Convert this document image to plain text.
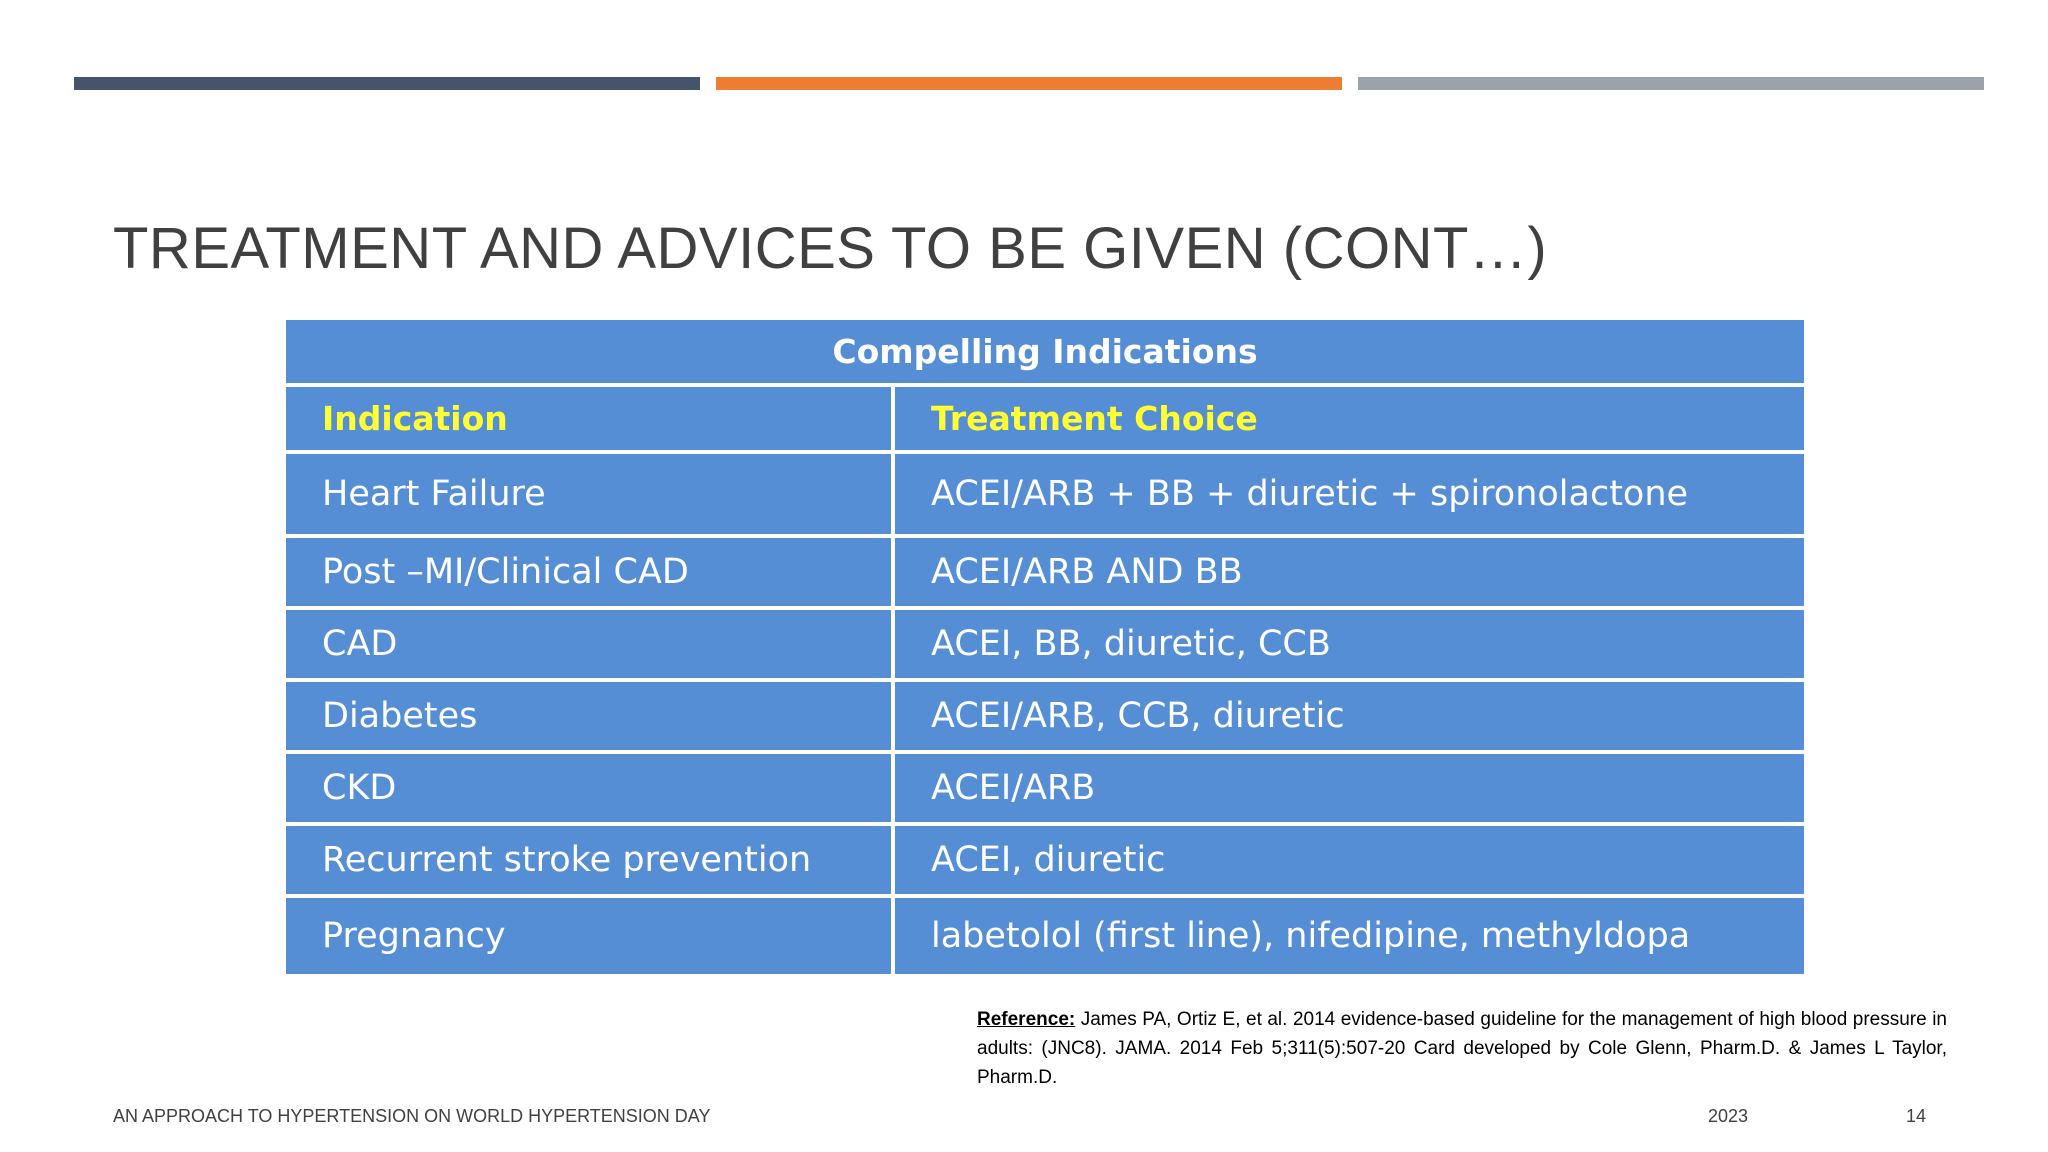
TREATMENT AND ADVICES TO BE GIVEN (CONT…)
Compelling Indications
Indication	Treatment Choice
Heart Failure	ACEI/ARB + BB + diuretic + spironolactone
Post –MI/Clinical CAD	ACEI/ARB AND BB
CAD	ACEI, BB, diuretic, CCB
Diabetes	ACEI/ARB, CCB, diuretic
CKD	ACEI/ARB
Recurrent stroke prevention	ACEI, diuretic
Pregnancy	labetolol (first line), nifedipine, methyldopa
Reference: James PA, Ortiz E, et al. 2014 evidence-based guideline for the management of high blood pressure in adults: (JNC8). JAMA. 2014 Feb 5;311(5):507-20 Card developed by Cole Glenn, Pharm.D. & James L Taylor, Pharm.D.
AN APPROACH TO HYPERTENSION ON WORLD HYPERTENSION DAY	2023	14
